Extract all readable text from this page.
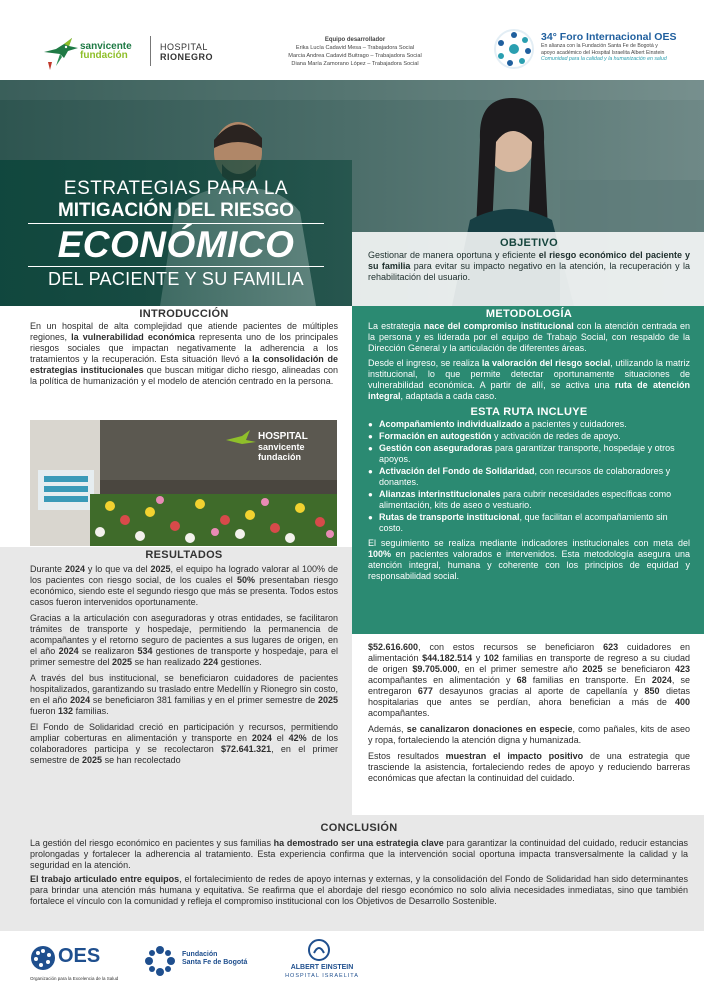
sanvicente
fundación
HOSPITAL
RIONEGRO
Equipo desarrollador
Erika Lucía Cadavid Mesa – Trabajadora Social
Marcia Andrea Cadavid Buitrago – Trabajadora Social
Diana María Zamorano López – Trabajadora Social
34° Foro Internacional OES
En alianza con la Fundación Santa Fe de Bogotá y
apoyo académico del Hospital Israelita Albert Einstein
Comunidad para la calidad y la humanización en salud
ESTRATEGIAS PARA LA
MITIGACIÓN DEL RIESGO
ECONÓMICO
DEL PACIENTE Y SU FAMILIA
OBJETIVO

Gestionar de manera oportuna y eficiente el riesgo económico del paciente y su familia para evitar su impacto negativo en la atención, la recuperación y la rehabilitación del usuario.

INTRODUCCIÓN

En un hospital de alta complejidad que atiende pacientes de múltiples regiones, la vulnerabilidad económica representa uno de los principales riesgos sociales que impactan negativamente la adherencia a los tratamientos y la recuperación. Esta situación llevó a la consolidación de estrategias institucionales que buscan mitigar dicho riesgo, alineadas con la política de humanización y el modelo de atención centrado en la persona.

HOSPITAL
sanvicente
fundación
RESULTADOS

Durante 2024 y lo que va del 2025, el equipo ha logrado valorar al 100% de los pacientes con riesgo social, de los cuales el 50% presentaban riesgo económico, siendo este el segundo riesgo que más se presenta. Todos estos casos fueron intervenidos oportunamente.

Gracias a la articulación con aseguradoras y otras entidades, se facilitaron trámites de transporte y hospedaje, permitiendo la permanencia de acompañantes y el retorno seguro de pacientes a sus lugares de origen, en el año 2024 se realizaron 534 gestiones de transporte y hospedaje, para el primer semestre del 2025 se han realizado 224 gestiones.

A través del bus institucional, se beneficiaron cuidadores de pacientes hospitalizados, garantizando su traslado entre Medellín y Rionegro sin costo, en el año 2024 se beneficiaron 381 familias y en el primer semestre de 2025 fueron 132 familias.

El Fondo de Solidaridad creció en participación y recursos, permitiendo ampliar coberturas en alimentación y transporte en 2024 el 42% de los colaboradores participa y se recolectaron $72.641.321, en el primer semestre de 2025 se han recolectado

METODOLOGÍA

La estrategia nace del compromiso institucional con la atención centrada en la persona y es liderada por el equipo de Trabajo Social, con respaldo de la Dirección General y la articulación de diferentes áreas.

Desde el ingreso, se realiza la valoración del riesgo social, utilizando la matriz institucional, lo que permite detectar oportunamente situaciones de vulnerabilidad económica. A partir de allí, se activa una ruta de atención integral, adaptada a cada caso.

ESTA RUTA INCLUYE
● Acompañamiento individualizado a pacientes y cuidadores.
● Formación en autogestión y activación de redes de apoyo.
● Gestión con aseguradoras para garantizar transporte, hospedaje y otros apoyos.
● Activación del Fondo de Solidaridad, con recursos de colaboradores y donantes.
● Alianzas interinstitucionales para cubrir necesidades específicas como alimentación, kits de aseo o vestuario.
● Rutas de transporte institucional, que facilitan el acompañamiento sin costo.

El seguimiento se realiza mediante indicadores institucionales con meta del 100% en pacientes valorados e intervenidos. Esta metodología asegura una atención integral, humana y coherente con los principios de equidad y responsabilidad social.

$52.616.600, con estos recursos se beneficiaron 623 cuidadores en alimentación $44.182.514 y 102 familias en transporte de regreso a su ciudad de origen $9.705.000, en el primer semestre año 2025 se beneficiaron 423 acompañantes en alimentación y 68 familias en transporte. En 2024, se entregaron 677 desayunos gracias al aporte de capellanía y 850 dietas hospitalarias que antes se perdían, ahora benefician a más de 400 acompañantes.

Además, se canalizaron donaciones en especie, como pañales, kits de aseo y ropa, fortaleciendo la atención digna y humanizada.

Estos resultados muestran el impacto positivo de una estrategia que trasciende la asistencia, fortaleciendo redes de apoyo y reduciendo barreras económicas que afectan la continuidad del cuidado.

CONCLUSIÓN

La gestión del riesgo económico en pacientes y sus familias ha demostrado ser una estrategia clave para garantizar la continuidad del cuidado, reducir estancias prolongadas y fortalecer la adherencia al tratamiento. Esta experiencia confirma que la intervención social oportuna impacta transversalmente la calidad y la seguridad en la atención.

El trabajo articulado entre equipos, el fortalecimiento de redes de apoyo internas y externas, y la consolidación del Fondo de Solidaridad han sido determinantes para brindar una atención más humana y equitativa. Se reafirma que el abordaje del riesgo económico no solo alivia necesidades inmediatas, sino que también fortalece el vínculo con la comunidad y refleja el compromiso institucional con los Objetivos de Desarrollo Sostenible.

OES
Organización para la Excelencia de la Salud
Fundación
Santa Fe de Bogotá
ALBERT EINSTEIN
HOSPITAL ISRAELITA
